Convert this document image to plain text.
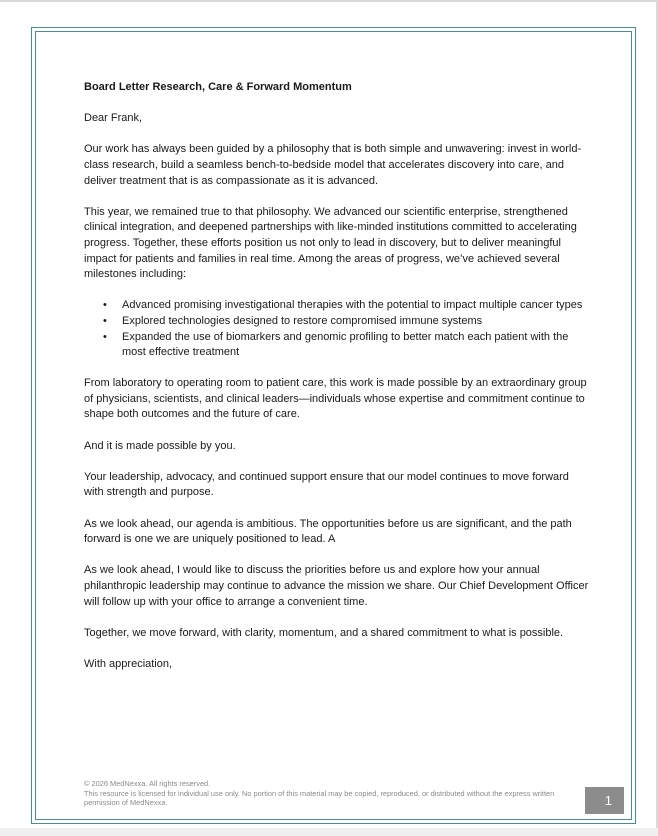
Board Letter Research, Care & Forward Momentum

Dear Frank,

Our work has always been guided by a philosophy that is both simple and unwavering: invest in world-class research, build a seamless bench-to-bedside model that accelerates discovery into care, and deliver treatment that is as compassionate as it is advanced.

This year, we remained true to that philosophy. We advanced our scientific enterprise, strengthened clinical integration, and deepened partnerships with like-minded institutions committed to accelerating progress. Together, these efforts position us not only to lead in discovery, but to deliver meaningful impact for patients and families in real time. Among the areas of progress, we’ve achieved several milestones including:

• Advanced promising investigational therapies with the potential to impact multiple cancer types
• Explored technologies designed to restore compromised immune systems
• Expanded the use of biomarkers and genomic profiling to better match each patient with the most effective treatment

From laboratory to operating room to patient care, this work is made possible by an extraordinary group of physicians, scientists, and clinical leaders—individuals whose expertise and commitment continue to shape both outcomes and the future of care.

And it is made possible by you.

Your leadership, advocacy, and continued support ensure that our model continues to move forward with strength and purpose.

As we look ahead, our agenda is ambitious. The opportunities before us are significant, and the path forward is one we are uniquely positioned to lead. A

As we look ahead, I would like to discuss the priorities before us and explore how your annual philanthropic leadership may continue to advance the mission we share. Our Chief Development Officer will follow up with your office to arrange a convenient time.

Together, we move forward, with clarity, momentum, and a shared commitment to what is possible.

With appreciation,

© 2026 MedNexxa. All rights reserved.
This resource is licensed for individual use only. No portion of this material may be copied, reproduced, or distributed without the express written permission of MedNexxa.	1
